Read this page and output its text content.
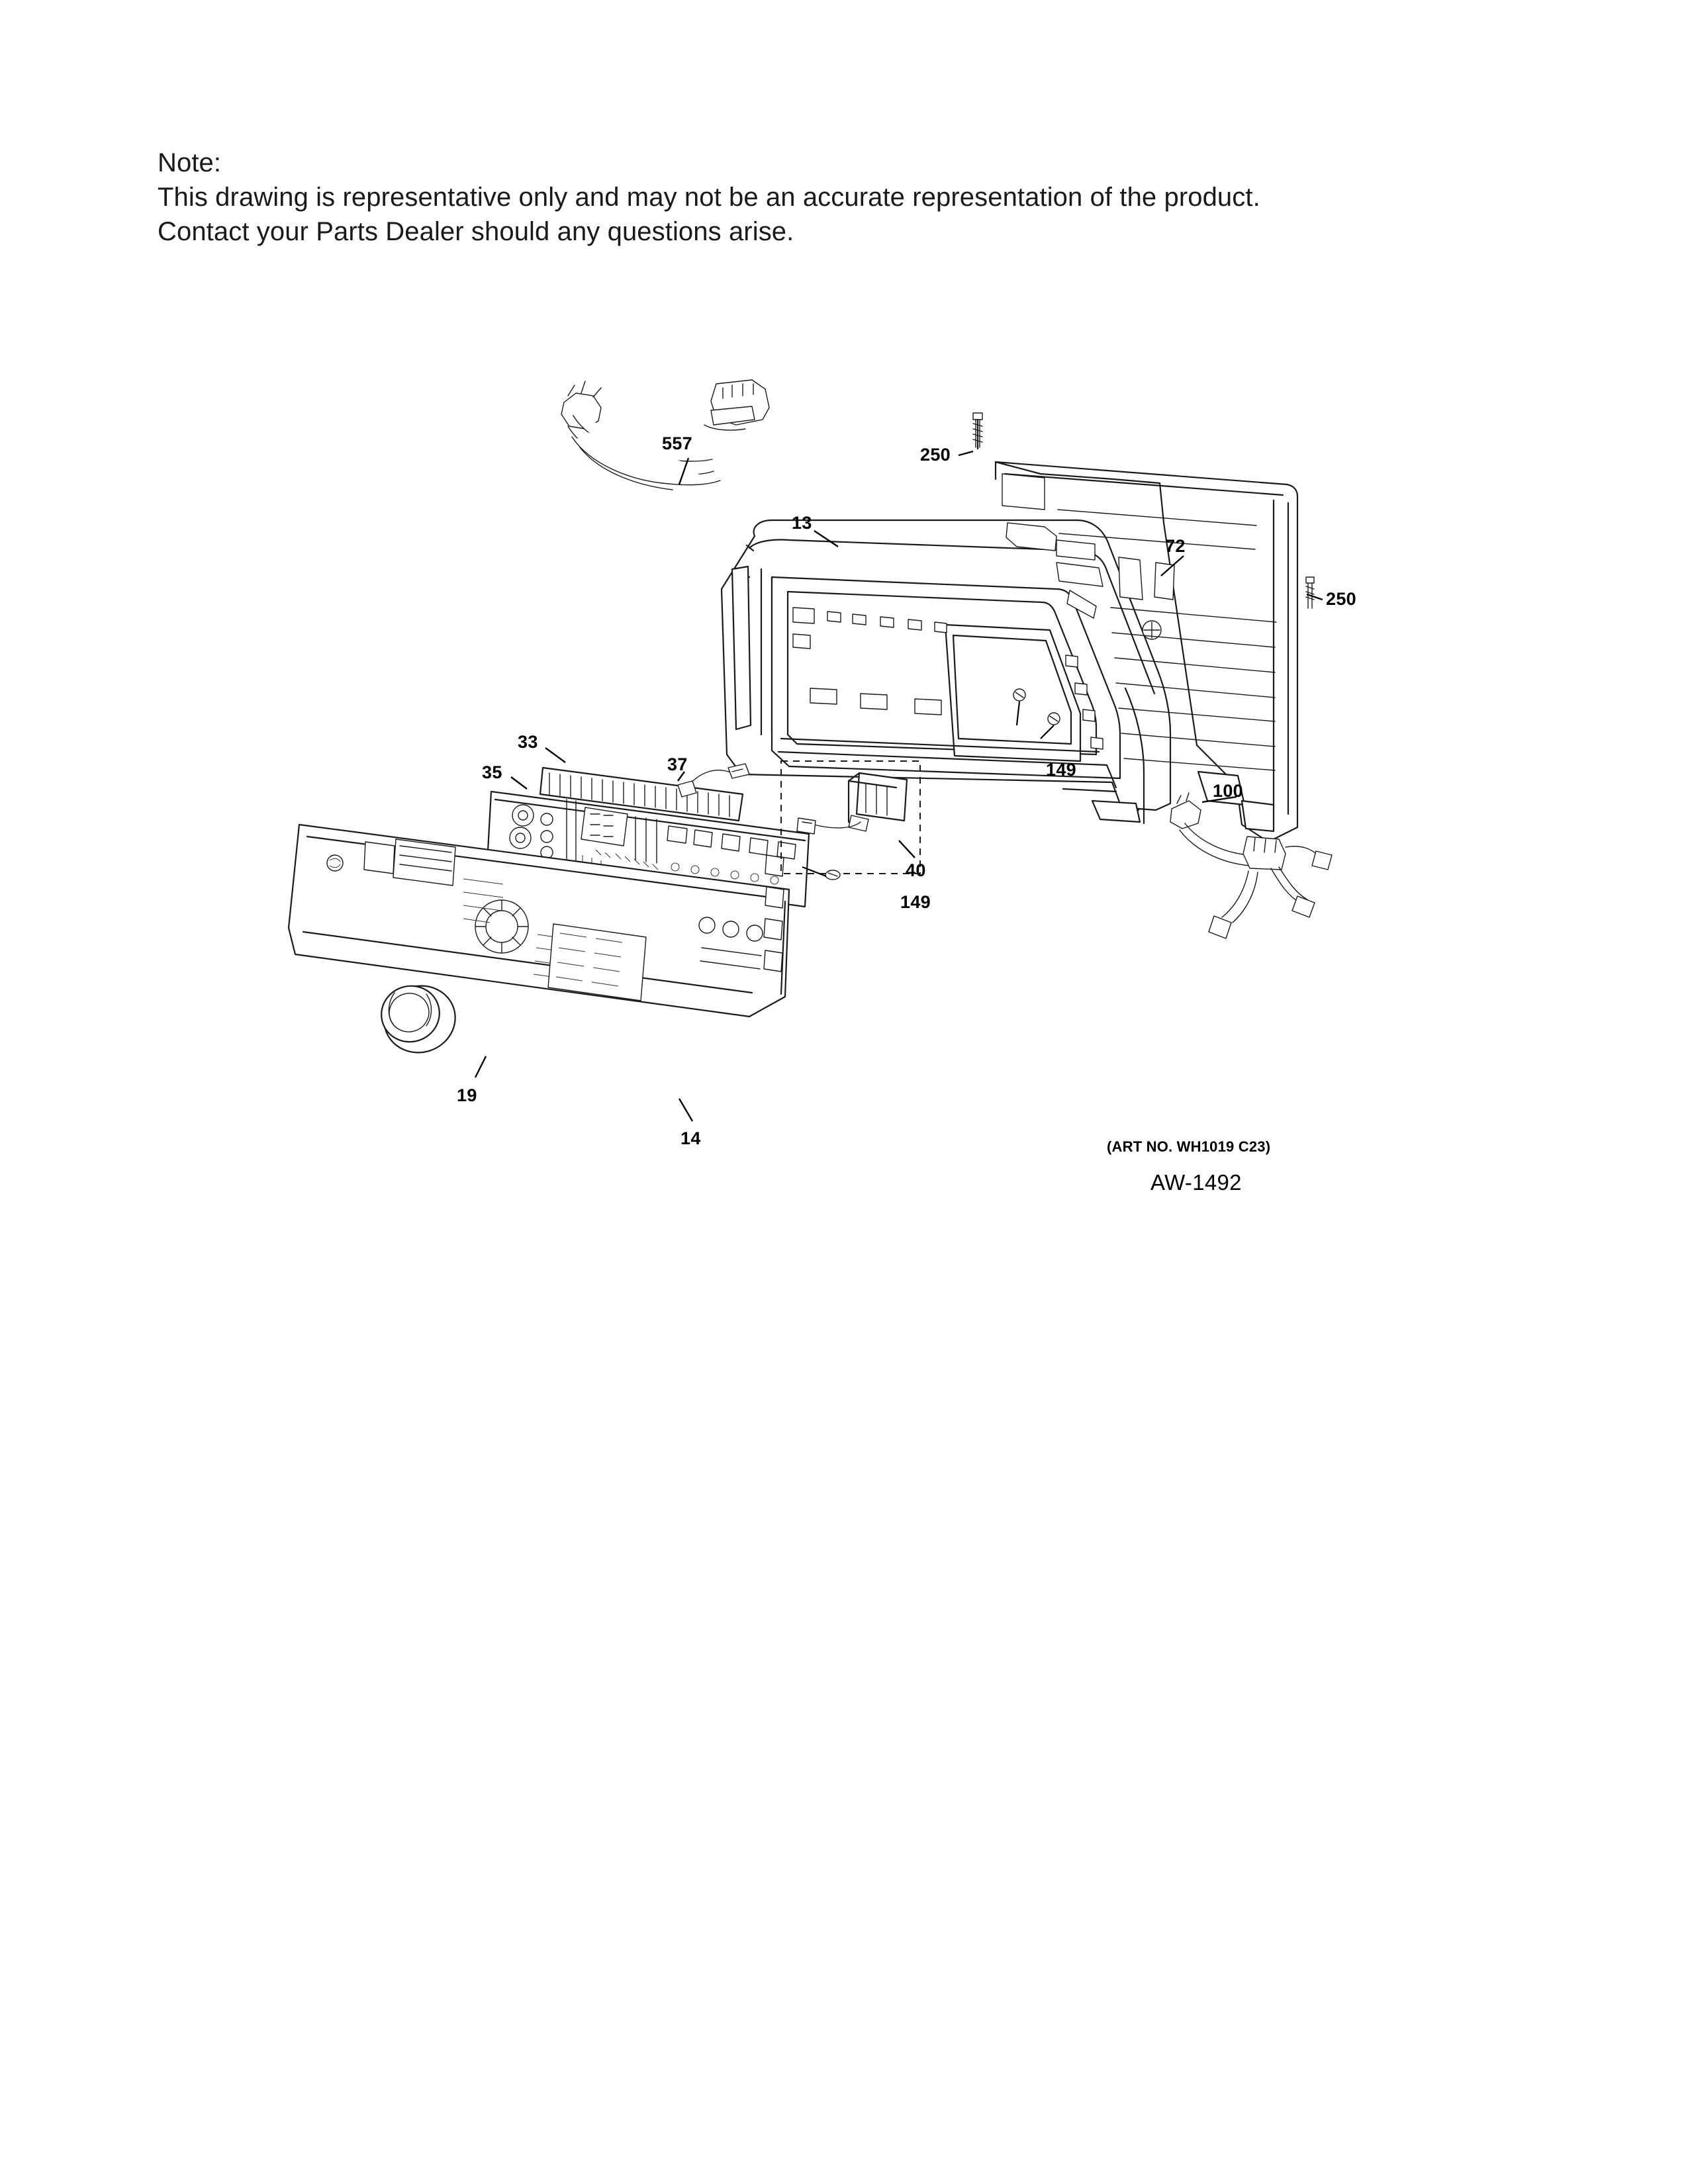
Note:
This drawing is representative only and may not be an accurate representation of the product.
Contact your Parts Dealer should any questions arise.
557
250
13
72
250
149
33
37
35
40
149
100
19
14	(ART NO. WH1019 C23)
AW-1492
